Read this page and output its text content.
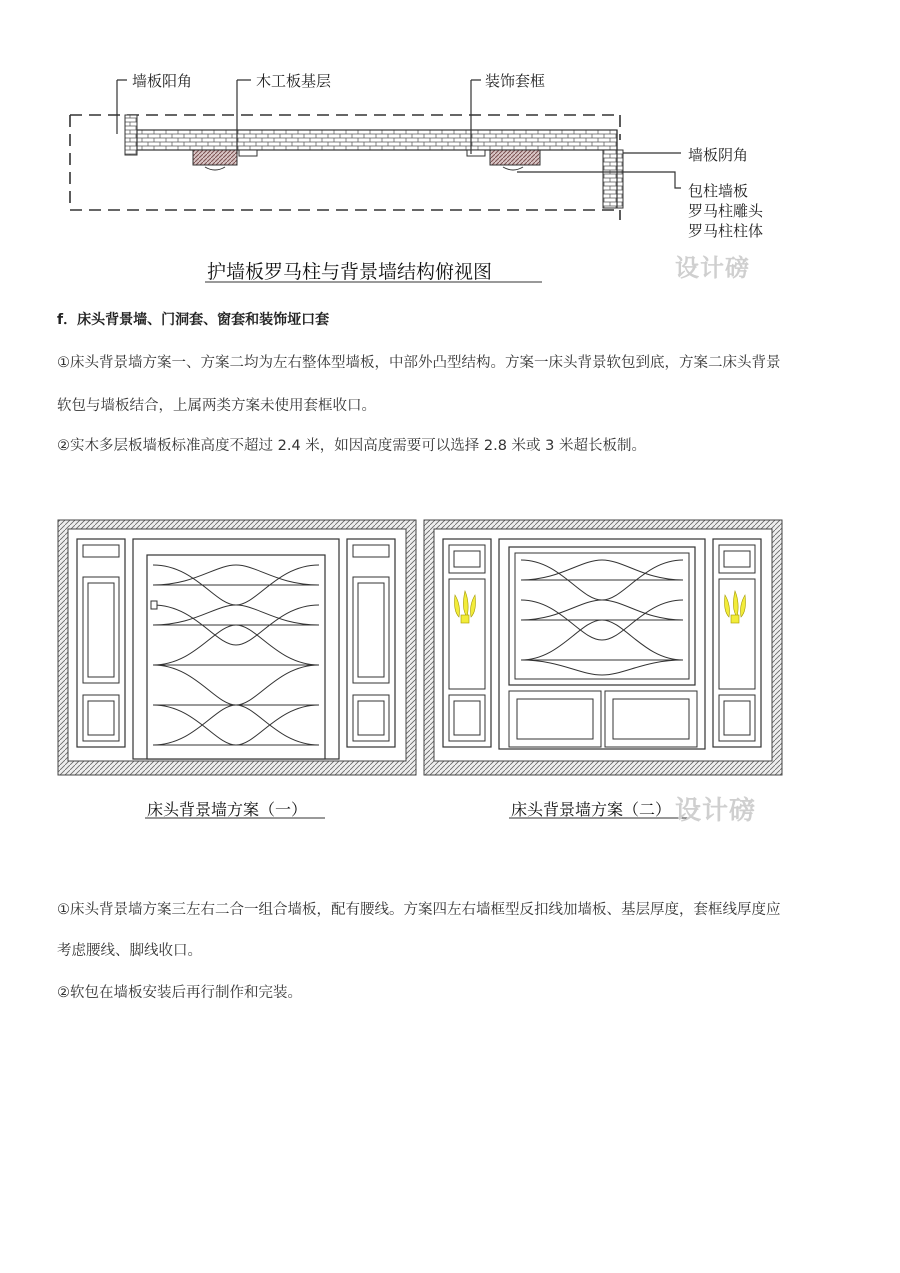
墙板阳角	木工板基层	装饰套框
墙板阴角
包柱墙板
罗马柱雕头
罗马柱柱体
护墙板罗马柱与背景墙结构俯视图	设计磅
f．床头背景墙、门洞套、窗套和装饰垭口套
①床头背景墙方案一、方案二均为左右整体型墙板，中部外凸型结构。方案一床头背景软包到底，方案二床头背景
软包与墙板结合，上属两类方案未使用套框收口。
②实木多层板墙板标准高度不超过 2.4 米，如因高度需要可以选择 2.8 米或 3 米超长板制。
床头背景墙方案（一）	床头背景墙方案（二） 设计磅
①床头背景墙方案三左右二合一组合墙板，配有腰线。方案四左右墙框型反扣线加墙板、基层厚度，套框线厚度应
考虑腰线、脚线收口。
②软包在墙板安装后再行制作和完装。
